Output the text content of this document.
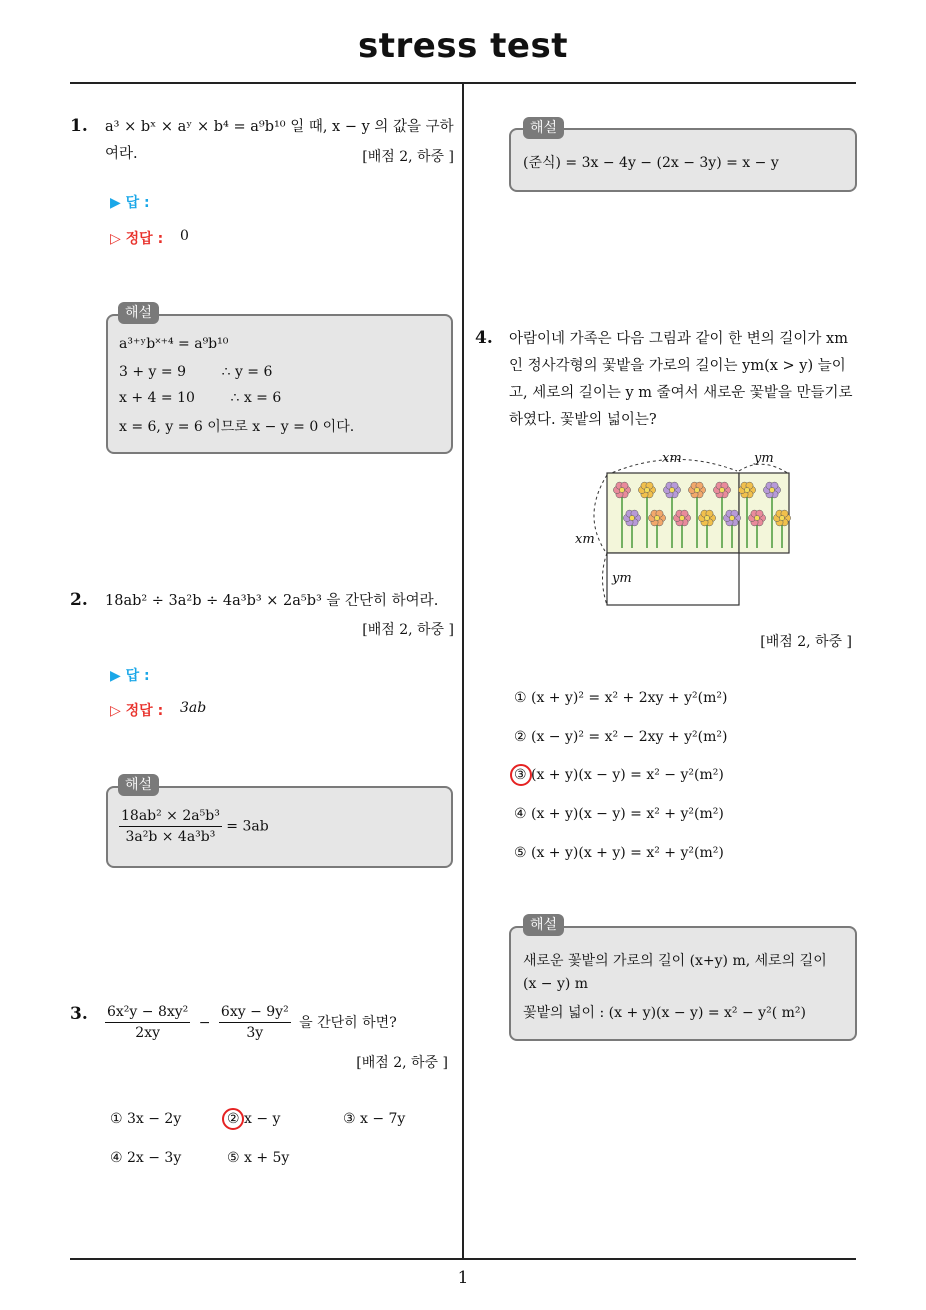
stress test
1
1. a³ × bˣ × aʸ × b⁴ = a⁹b¹⁰ 일 때, x − y 의 값을 구하
여라.	[배점 2, 하중 ]
▶ 답 :
▷ 정답 : 0
a³⁺ʸb˟⁺⁴ = a⁹b¹⁰
3 + y = 9        ∴ y = 6
x + 4 = 10        ∴ x = 6
x = 6, y = 6 이므로 x − y = 0 이다.
해설
2. 18ab² ÷ 3a²b ÷ 4a³b³ × 2a⁵b³ 을 간단히 하여라.
[배점 2, 하중 ]
▶ 답 :
▷ 정답 : 3ab
$\frac{\text{18ab² × 2a⁵b³}}{\text{3a²b × 4a³b³}} = 3ab$
해설
3. $\frac{\text{6x²y − 8xy²}}{2xy} - \frac{\text{6xy − 9y²}}{3y}$ 을 간단히 하면?
[배점 2, 하중 ]
① 3x − 2y	② x − y	③ x − 7y
④ 2x − 3y	⑤ x + 5y
(준식) = 3x − 4y − (2x − 3y) = x − y
해설
4. 아람이네 가족은 다음 그림과 같이 한 변의 길이가 xm
인 정사각형의 꽃밭을 가로의 길이는 ym(x > y) 늘이
고, 세로의 길이는 y m 줄여서 새로운 꽃밭을 만들기로
하였다. 꽃밭의 넓이는?
xm	ym
xm
ym
[배점 2, 하중 ]
① (x + y)² = x² + 2xy + y²(m²)
② (x − y)² = x² − 2xy + y²(m²)
③ (x + y)(x − y) = x² − y²(m²)
④ (x + y)(x − y) = x² + y²(m²)
⑤ (x + y)(x + y) = x² + y²(m²)
새로운 꽃밭의 가로의 길이 (x+y) m, 세로의 길이
(x − y) m
꽃밭의 넓이 : (x + y)(x − y) = x² − y²( m²)
해설
